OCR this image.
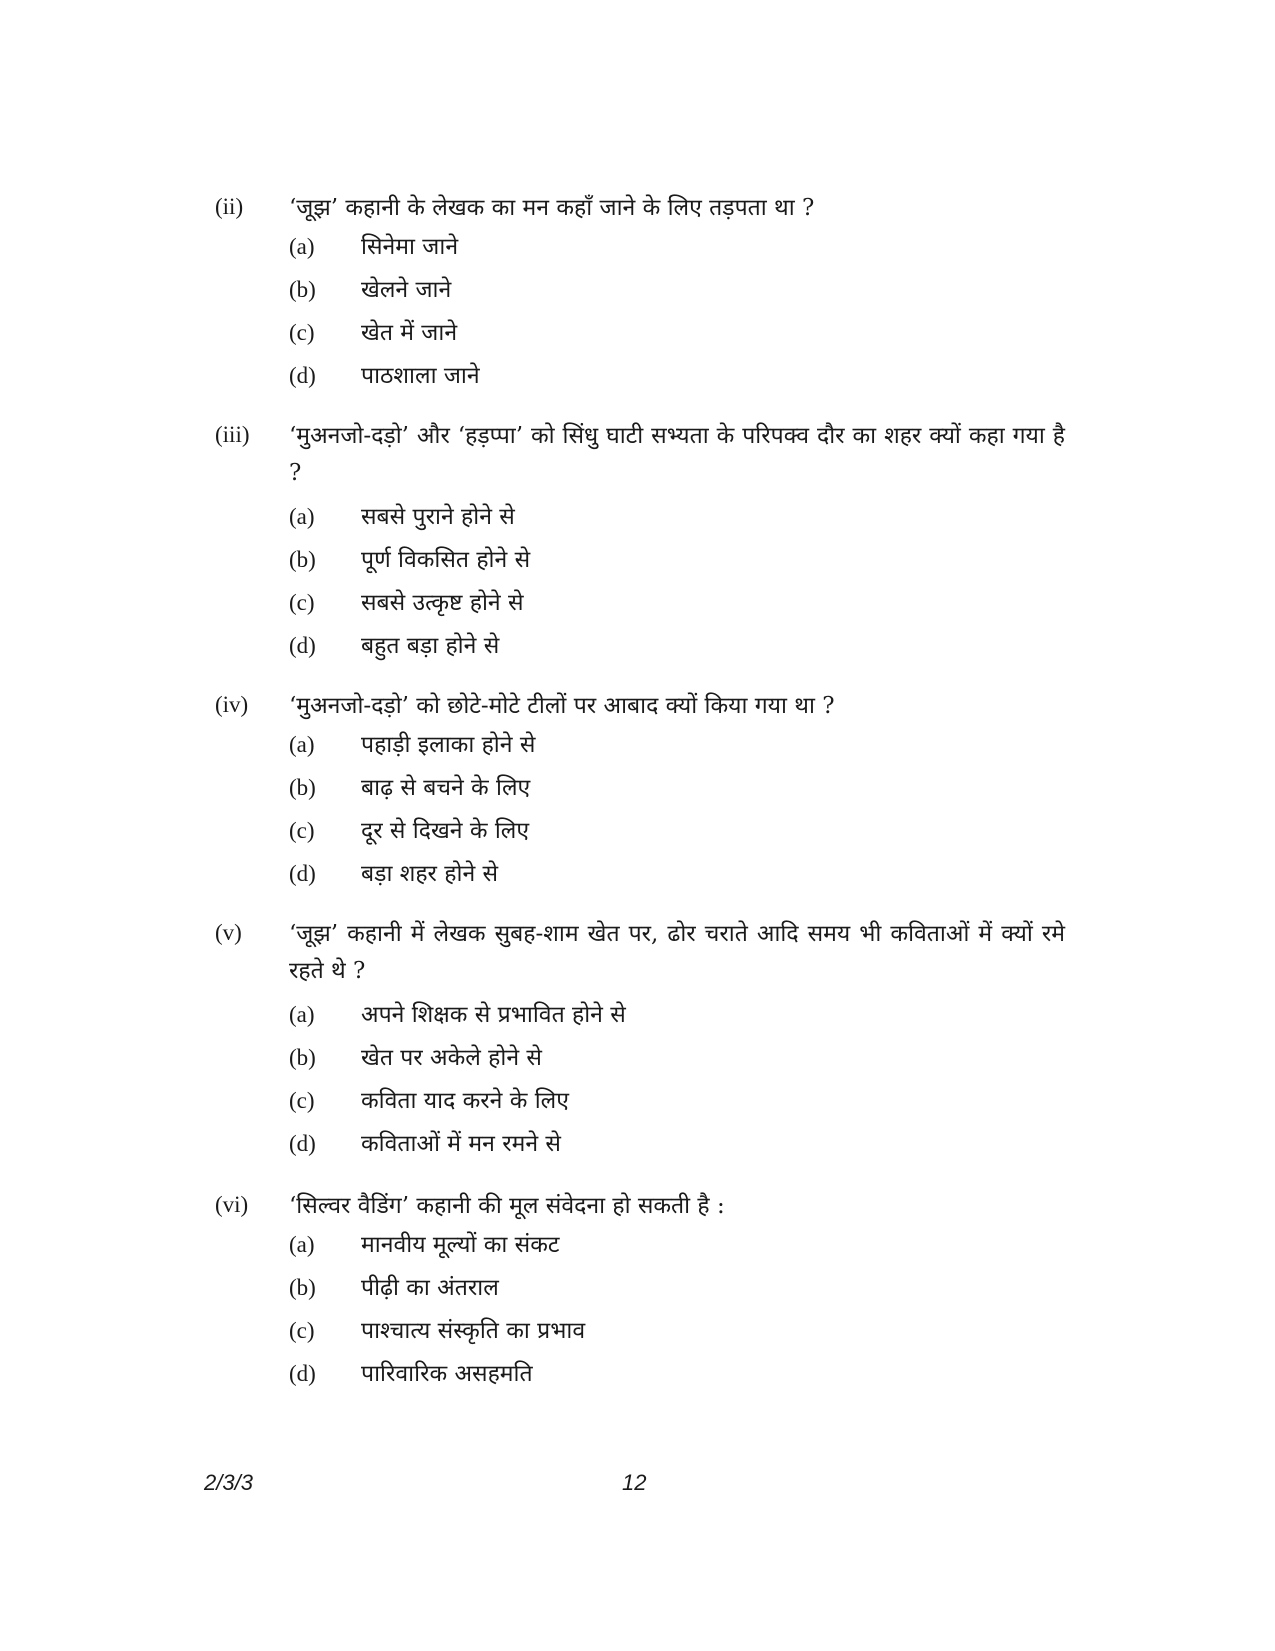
(ii) ‘जूझ’ कहानी के लेखक का मन कहाँ जाने के लिए तड़पता था ?
(a) सिनेमा जाने
(b) खेलने जाने
(c) खेत में जाने
(d) पाठशाला जाने
(iii) ‘मुअनजो-दड़ो’ और ‘हड़प्पा’ को सिंधु घाटी सभ्यता के परिपक्व दौर का शहर क्यों कहा गया है ?
(a) सबसे पुराने होने से
(b) पूर्ण विकसित होने से
(c) सबसे उत्कृष्ट होने से
(d) बहुत बड़ा होने से
(iv) ‘मुअनजो-दड़ो’ को छोटे-मोटे टीलों पर आबाद क्यों किया गया था ?
(a) पहाड़ी इलाका होने से
(b) बाढ़ से बचने के लिए
(c) दूर से दिखने के लिए
(d) बड़ा शहर होने से
(v) ‘जूझ’ कहानी में लेखक सुबह-शाम खेत पर, ढोर चराते आदि समय भी कविताओं में क्यों रमे रहते थे ?
(a) अपने शिक्षक से प्रभावित होने से
(b) खेत पर अकेले होने से
(c) कविता याद करने के लिए
(d) कविताओं में मन रमने से
(vi) ‘सिल्वर वैडिंग’ कहानी की मूल संवेदना हो सकती है :
(a) मानवीय मूल्यों का संकट
(b) पीढ़ी का अंतराल
(c) पाश्चात्य संस्कृति का प्रभाव
(d) पारिवारिक असहमति
2/3/3	12
